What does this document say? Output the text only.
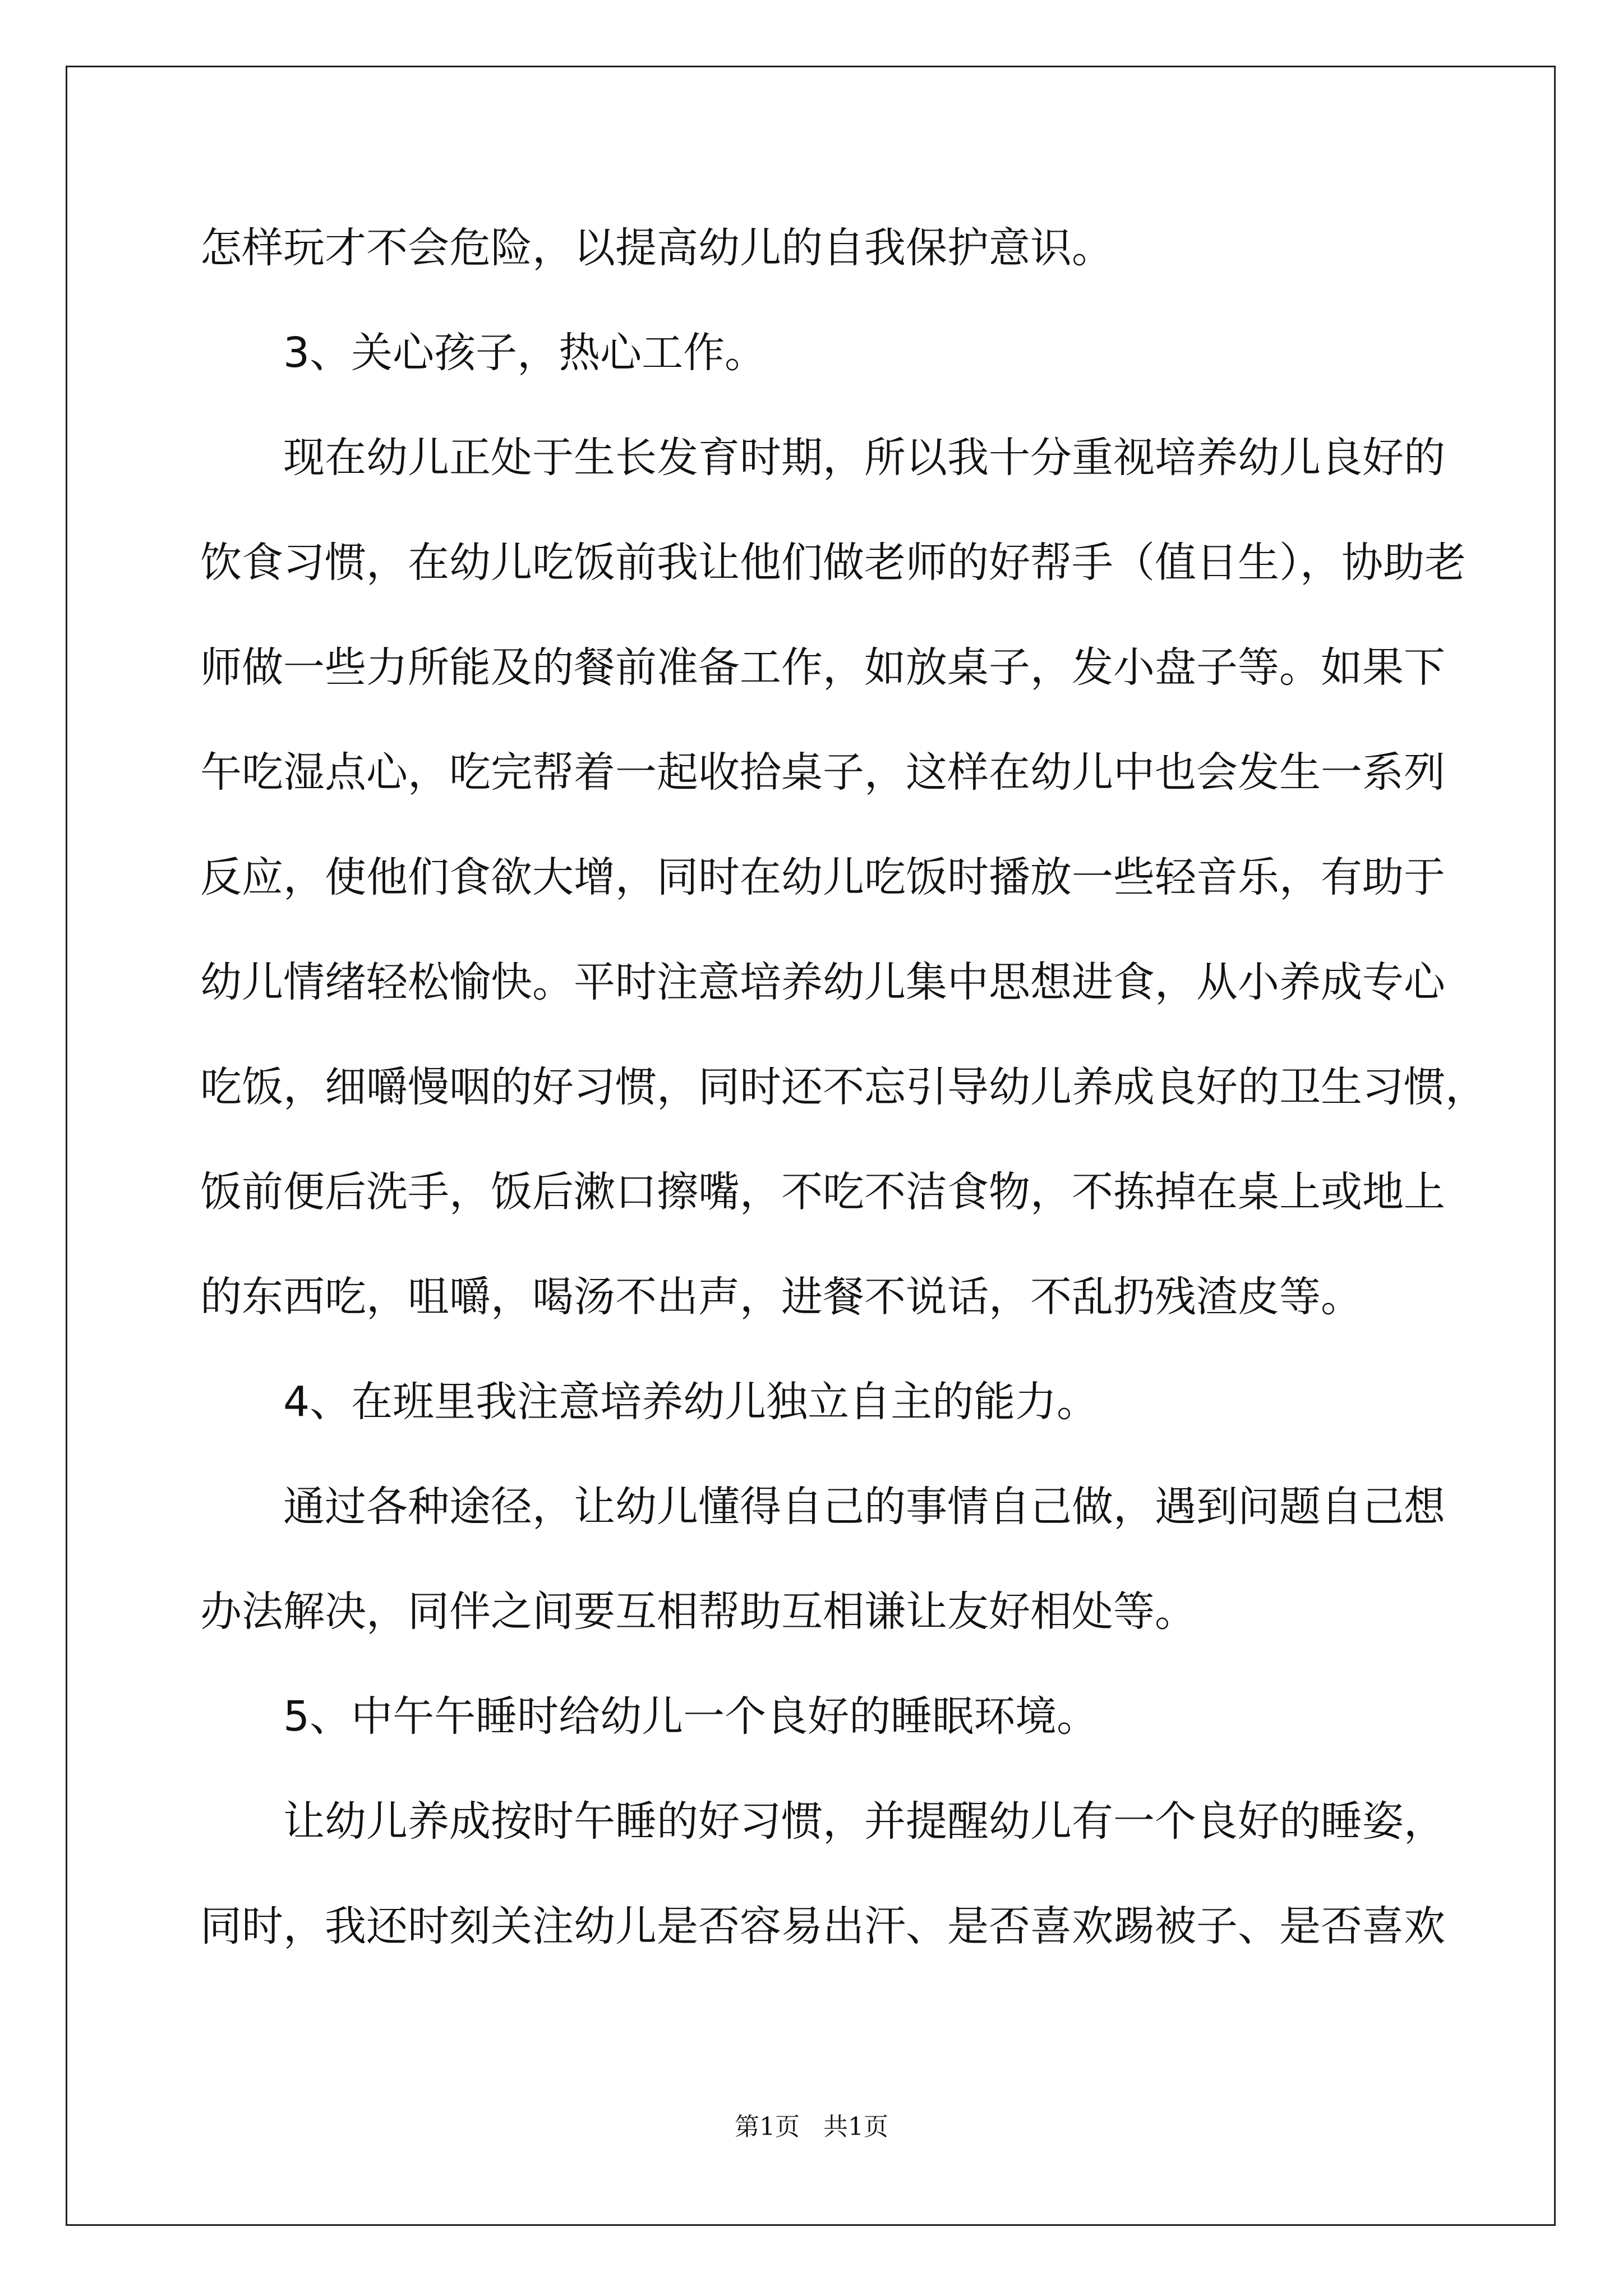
怎样玩才不会危险，以提高幼儿的自我保护意识。
3、关心孩子，热心工作。
现在幼儿正处于生长发育时期，所以我十分重视培养幼儿良好的
饮食习惯，在幼儿吃饭前我让他们做老师的好帮手（值日生），协助老
师做一些力所能及的餐前准备工作，如放桌子，发小盘子等。如果下
午吃湿点心，吃完帮着一起收拾桌子，这样在幼儿中也会发生一系列
反应，使他们食欲大增，同时在幼儿吃饭时播放一些轻音乐，有助于
幼儿情绪轻松愉快。平时注意培养幼儿集中思想进食，从小养成专心
吃饭，细嚼慢咽的好习惯，同时还不忘引导幼儿养成良好的卫生习惯，
饭前便后洗手，饭后漱口擦嘴，不吃不洁食物，不拣掉在桌上或地上
的东西吃，咀嚼，喝汤不出声，进餐不说话，不乱扔残渣皮等。
4、在班里我注意培养幼儿独立自主的能力。
通过各种途径，让幼儿懂得自己的事情自己做，遇到问题自己想
办法解决，同伴之间要互相帮助互相谦让友好相处等。
5、中午午睡时给幼儿一个良好的睡眠环境。
让幼儿养成按时午睡的好习惯，并提醒幼儿有一个良好的睡姿，
同时，我还时刻关注幼儿是否容易出汗、是否喜欢踢被子、是否喜欢
第1页   共1页
